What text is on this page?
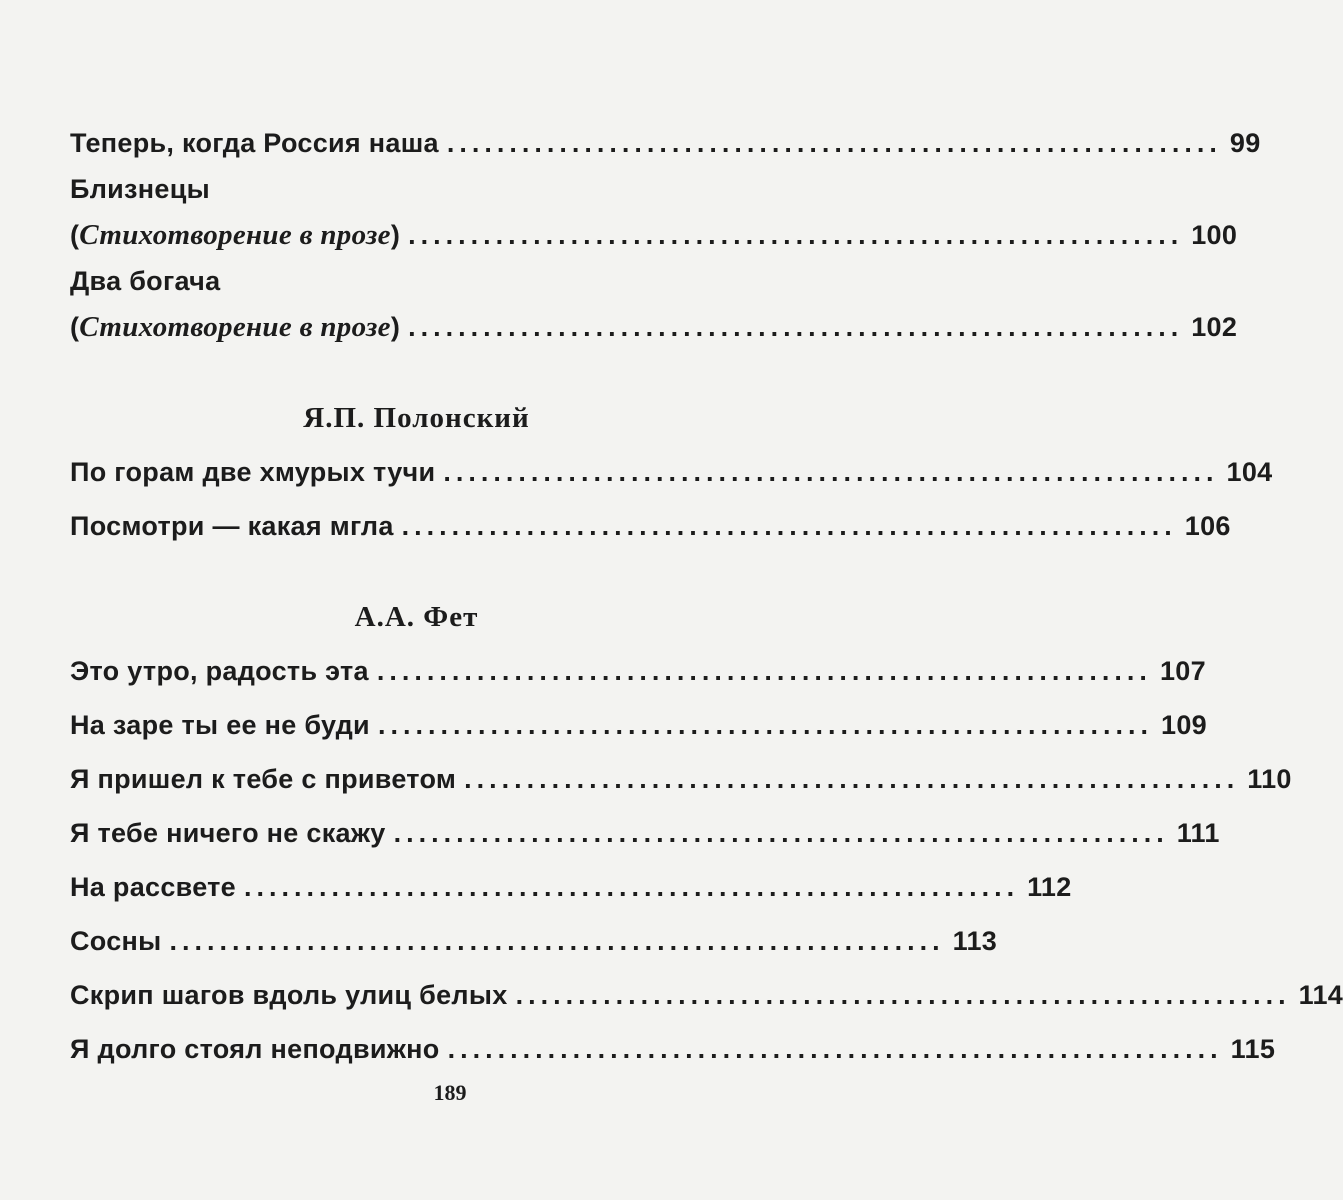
Теперь, когда Россия наша .............................................................. 99
Близнецы
(Стихотворение в прозе) .............................................................. 100
Два богача
(Стихотворение в прозе) .............................................................. 102
Я.П. Полонский
По горам две хмурых тучи .............................................................. 104
Посмотри — какая мгла .............................................................. 106
А.А. Фет
Это утро, радость эта .............................................................. 107
На заре ты ее не буди .............................................................. 109
Я пришел к тебе с приветом .............................................................. 110
Я тебе ничего не скажу .............................................................. 111
На рассвете .............................................................. 112
Сосны .............................................................. 113
Скрип шагов вдоль улиц белых .............................................................. 114
Я долго стоял неподвижно .............................................................. 115
189
